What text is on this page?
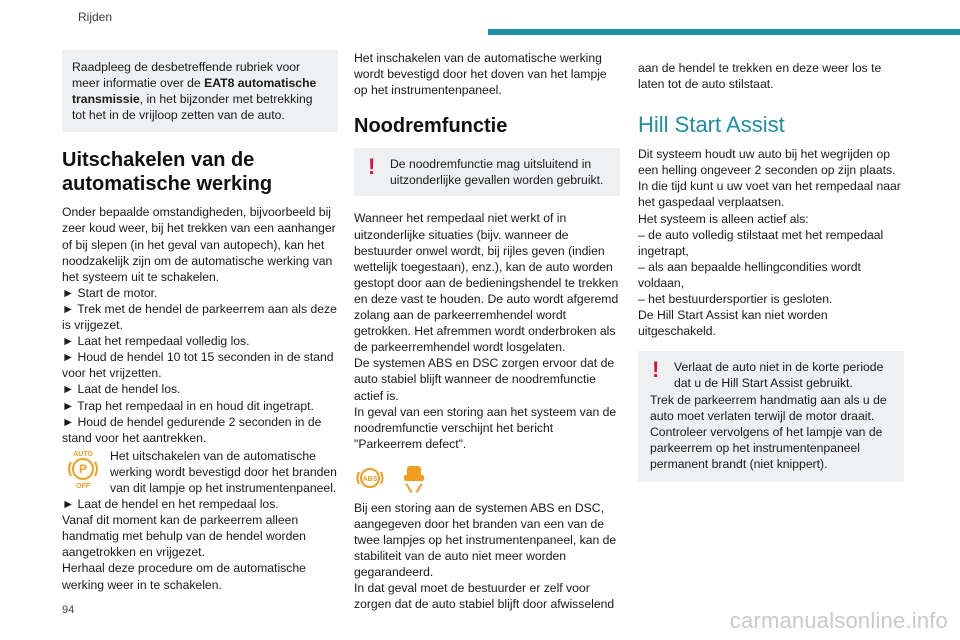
Rijden
Raadpleeg de desbetreffende rubriek voor meer informatie over de EAT8 automatische transmissie, in het bijzonder met betrekking tot het in de vrijloop zetten van de auto.
Uitschakelen van de automatische werking

Onder bepaalde omstandigheden, bijvoorbeeld bij zeer koud weer, bij het trekken van een aanhanger of bij slepen (in het geval van autopech), kan het noodzakelijk zijn om de automatische werking van het systeem uit te schakelen.

► Start de motor.
► Trek met de hendel de parkeerrem aan als deze is vrijgezet.
► Laat het rempedaal volledig los.
► Houd de hendel 10 tot 15 seconden in de stand voor het vrijzetten.
► Laat de hendel los.
► Trap het rempedaal in en houd dit ingetrapt.
► Houd de hendel gedurende 2 seconden in de stand voor het aantrekken.
AUTO
P
OFF
Het uitschakelen van de automatische werking wordt bevestigd door het branden van dit lampje op het instrumentenpaneel.
► Laat de hendel en het rempedaal los.

Vanaf dit moment kan de parkeerrem alleen handmatig met behulp van de hendel worden aangetrokken en vrijgezet.

Herhaal deze procedure om de automatische werking weer in te schakelen.

Het inschakelen van de automatische werking wordt bevestigd door het doven van het lampje op het instrumentenpaneel.

Noodremfunctie
! De noodremfunctie mag uitsluitend in uitzonderlijke gevallen worden gebruikt.

Wanneer het rempedaal niet werkt of in uitzonderlijke situaties (bijv. wanneer de bestuurder onwel wordt, bij rijles geven (indien wettelijk toegestaan), enz.), kan de auto worden gestopt door aan de bedieningshendel te trekken en deze vast te houden. De auto wordt afgeremd zolang aan de parkeerremhendel wordt getrokken. Het afremmen wordt onderbroken als de parkeerremhendel wordt losgelaten.

De systemen ABS en DSC zorgen ervoor dat de auto stabiel blijft wanneer de noodremfunctie actief is.

In geval van een storing aan het systeem van de noodremfunctie verschijnt het bericht "Parkeerrem defect".

ABS

Bij een storing aan de systemen ABS en DSC, aangegeven door het branden van een van de twee lampjes op het instrumentenpaneel, kan de stabiliteit van de auto niet meer worden gegarandeerd.

In dat geval moet de bestuurder er zelf voor zorgen dat de auto stabiel blijft door afwisselend

aan de hendel te trekken en deze weer los te laten tot de auto stilstaat.

Hill Start Assist

Dit systeem houdt uw auto bij het wegrijden op een helling ongeveer 2 seconden op zijn plaats. In die tijd kunt u uw voet van het rempedaal naar het gaspedaal verplaatsen.

Het systeem is alleen actief als:

– de auto volledig stilstaat met het rempedaal ingetrapt,
– als aan bepaalde hellingcondities wordt voldaan,
– het bestuurdersportier is gesloten.

De Hill Start Assist kan niet worden uitgeschakeld.

!	Verlaat de auto niet in de korte periode dat u de Hill Start Assist gebruikt.
Trek de parkeerrem handmatig aan als u de auto moet verlaten terwijl de motor draait. Controleer vervolgens of het lampje van de parkeerrem op het instrumentenpaneel permanent brandt (niet knippert).
94	carmanualsonline.info
